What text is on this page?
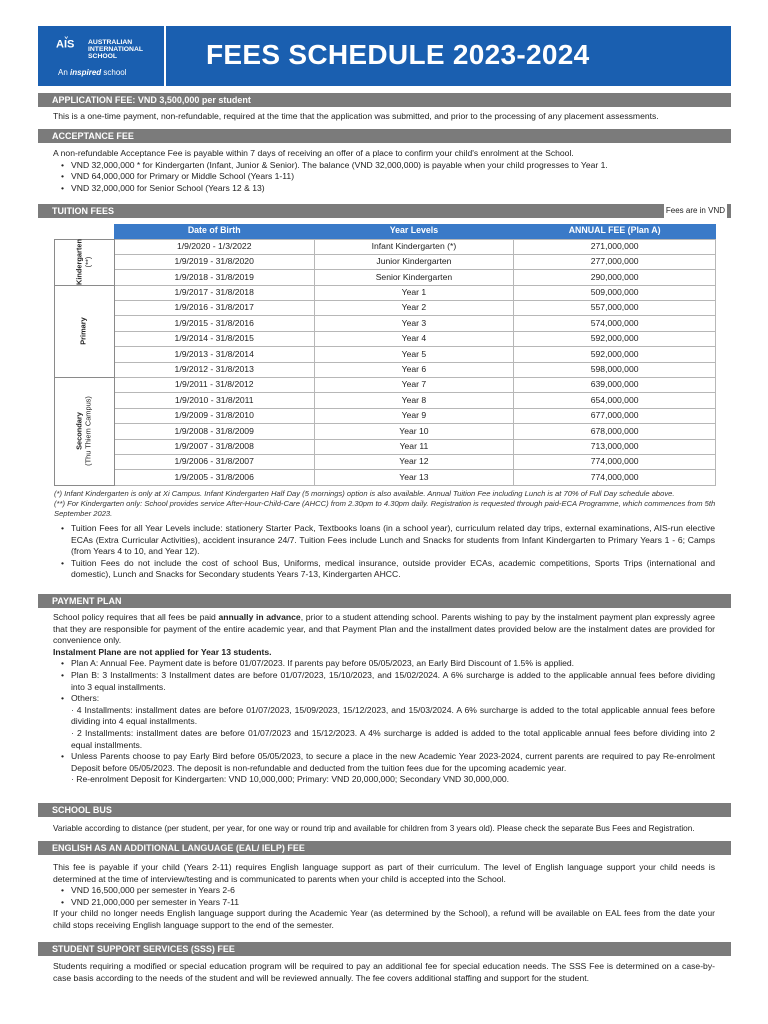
AIS AUSTRALIAN INTERNATIONAL SCHOOL
An inspired school
FEES SCHEDULE 2023-2024
APPLICATION FEE: VND 3,500,000 per student
This is a one-time payment, non-refundable, required at the time that the application was submitted, and prior to the processing of any placement assessments.
ACCEPTANCE FEE
A non-refundable Acceptance Fee is payable within 7 days of receiving an offer of a place to confirm your child's enrolment at the School.
• VND 32,000,000 * for Kindergarten (Infant, Junior & Senior). The balance (VND 32,000,000) is payable when your child progresses to Year 1.
• VND 64,000,000 for Primary or Middle School (Years 1-11)
• VND 32,000,000 for Senior School (Years 12 & 13)
TUITION FEES	Fees are in VND
	Date of Birth	Year Levels	ANNUAL FEE (Plan A)

Kindergarten (**)	1/9/2020 - 1/3/2022	Infant Kindergarten (*)	271,000,000
	1/9/2019 - 31/8/2020	Junior Kindergarten	277,000,000
	1/9/2018 - 31/8/2019	Senior Kindergarten	290,000,000

Primary	1/9/2017 - 31/8/2018	Year 1	509,000,000
	1/9/2016 - 31/8/2017	Year 2	557,000,000
	1/9/2015 - 31/8/2016	Year 3	574,000,000
	1/9/2014 - 31/8/2015	Year 4	592,000,000
	1/9/2013 - 31/8/2014	Year 5	592,000,000
	1/9/2012 - 31/8/2013	Year 6	598,000,000

Secondary (Thu Thiem Campus)	1/9/2011 - 31/8/2012	Year 7	639,000,000
	1/9/2010 - 31/8/2011	Year 8	654,000,000
	1/9/2009 - 31/8/2010	Year 9	677,000,000
	1/9/2008 - 31/8/2009	Year 10	678,000,000
	1/9/2007 - 31/8/2008	Year 11	713,000,000
	1/9/2006 - 31/8/2007	Year 12	774,000,000
	1/9/2005 - 31/8/2006	Year 13	774,000,000
(*) Infant Kindergarten is only at Xi Campus. Infant Kindergarten Half Day (5 mornings) option is also available. Annual Tuition Fee including Lunch is at 70% of Full Day schedule above.
(**) For Kindergarten only: School provides service After-Hour-Child-Care (AHCC) from 2.30pm to 4.30pm daily. Registration is requested through paid-ECA Programme, which commences from 5th September 2023.
• Tuition Fees for all Year Levels include: stationery Starter Pack, Textbooks loans (in a school year), curriculum related day trips, external examinations, AIS-run elective ECAs (Extra Curricular Activities), accident insurance 24/7. Tuition Fees include Lunch and Snacks for students from Infant Kindergarten to Primary Years 1 - 6; Camps (from Years 4 to 10, and Year 12).
• Tuition Fees do not include the cost of school Bus, Uniforms, medical insurance, outside provider ECAs, academic competitions, Sports Trips (international and domestic), Lunch and Snacks for Secondary students Years 7-13, Kindergarten AHCC.
PAYMENT PLAN
School policy requires that all fees be paid annually in advance, prior to a student attending school. Parents wishing to pay by the instalment payment plan expressly agree that they are responsible for payment of the entire academic year, and that Payment Plan and the installment dates provided below are the instalment dates are provided for convenience only.
Instalment Plane are not applied for Year 13 students.
• Plan A: Annual Fee. Payment date is before 01/07/2023. If parents pay before 05/05/2023, an Early Bird Discount of 1.5% is applied.
• Plan B: 3 Installments: 3 Installment dates are before 01/07/2023, 15/10/2023, and 15/02/2024. A 6% surcharge is added to the applicable annual fees before dividing into 3 equal installments.
• Others:
· 4 Installments: installment dates are before 01/07/2023, 15/09/2023, 15/12/2023, and 15/03/2024. A 6% surcharge is added to the total applicable annual fees before dividing into 4 equal installments.
· 2 Installments: installment dates are before 01/07/2023 and 15/12/2023. A 4% surcharge is added is added to the total applicable annual fees before dividing into 2 equal installments.
• Unless Parents choose to pay Early Bird before 05/05/2023, to secure a place in the new Academic Year 2023-2024, current parents are required to pay Re-enrolment Deposit before 05/05/2023. The deposit is non-refundable and deducted from the tuition fees due for the upcoming academic year.
· Re-enrolment Deposit for Kindergarten: VND 10,000,000; Primary: VND 20,000,000; Secondary VND 30,000,000.
SCHOOL BUS
Variable according to distance (per student, per year, for one way or round trip and available for children from 3 years old). Please check the separate Bus Fees and Registration.
ENGLISH AS AN ADDITIONAL LANGUAGE (EAL/ IELP) FEE
This fee is payable if your child (Years 2-11) requires English language support as part of their curriculum. The level of English language support your child needs is determined at the time of interview/testing and is communicated to parents when your child is accepted into the School.
• VND 16,500,000 per semester in Years 2-6
• VND 21,000,000 per semester in Years 7-11
If your child no longer needs English language support during the Academic Year (as determined by the School), a refund will be available on EAL fees from the date your child stops receiving English language support to the end of the semester.
STUDENT SUPPORT SERVICES (SSS) FEE
Students requiring a modified or special education program will be required to pay an additional fee for special education needs. The SSS Fee is determined on a case-by-case basis according to the needs of the student and will be reviewed annually. The fee covers additional staffing and support for the student.
